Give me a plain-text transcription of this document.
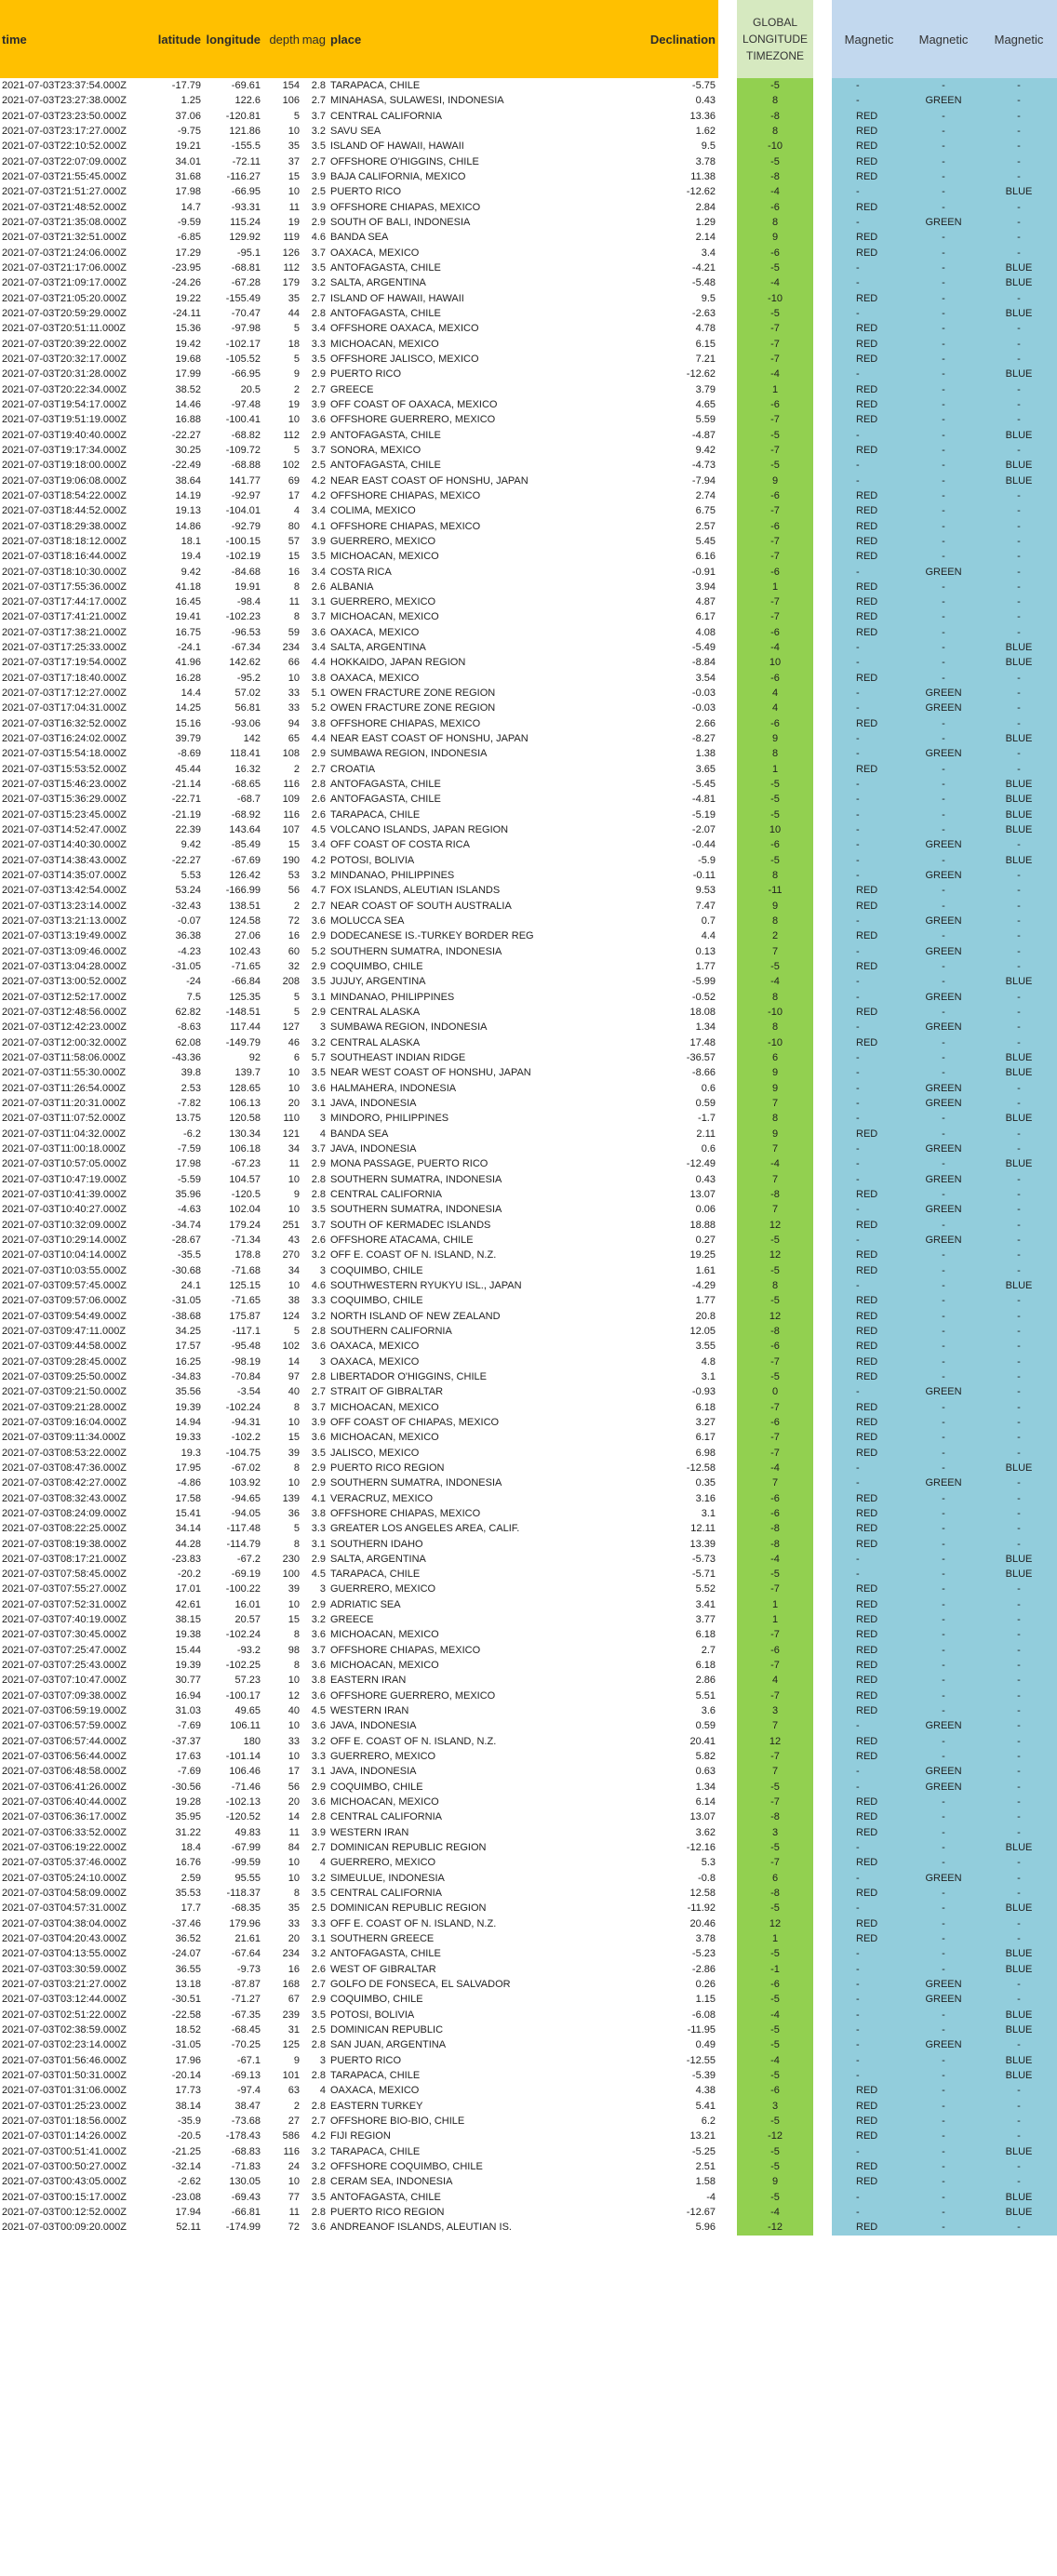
time	latitude longitude depth mag place	Declination
GLOBAL LONGITUDE TIMEZONE
Magnetic	Magnetic	Magnetic
2021-07-03T23:37:54.000Z	-17.79	-69.61	154	2.8 TARAPACA, CHILE	-5.75	-5	-	-	-
2021-07-03T23:27:38.000Z	1.25	122.6	106	2.7 MINAHASA, SULAWESI, INDONESIA	0.43	8	-	GREEN	-
2021-07-03T23:23:50.000Z	37.06	-120.81	5	3.7 CENTRAL CALIFORNIA	13.36	-8	RED	-	-
2021-07-03T23:17:27.000Z	-9.75	121.86	10	3.2 SAVU SEA	1.62	8	RED	-	-
2021-07-03T22:10:52.000Z	19.21	-155.5	35	3.5 ISLAND OF HAWAII, HAWAII	9.5	-10	RED	-	-
2021-07-03T22:07:09.000Z	34.01	-72.11	37	2.7 OFFSHORE O'HIGGINS, CHILE	3.78	-5	RED	-	-
2021-07-03T21:55:45.000Z	31.68	-116.27	15	3.9 BAJA CALIFORNIA, MEXICO	11.38	-8	RED	-	-
2021-07-03T21:51:27.000Z	17.98	-66.95	10	2.5 PUERTO RICO	-12.62	-4	-	-	BLUE
2021-07-03T21:48:52.000Z	14.7	-93.31	11	3.9 OFFSHORE CHIAPAS, MEXICO	2.84	-6	RED	-	-
2021-07-03T21:35:08.000Z	-9.59	115.24	19	2.9 SOUTH OF BALI, INDONESIA	1.29	8	-	GREEN	-
2021-07-03T21:32:51.000Z	-6.85	129.92	119	4.6 BANDA SEA	2.14	9	RED	-	-
2021-07-03T21:24:06.000Z	17.29	-95.1	126	3.7 OAXACA, MEXICO	3.4	-6	RED	-	-
2021-07-03T21:17:06.000Z	-23.95	-68.81	112	3.5 ANTOFAGASTA, CHILE	-4.21	-5	-	-	BLUE
2021-07-03T21:09:17.000Z	-24.26	-67.28	179	3.2 SALTA, ARGENTINA	-5.48	-4	-	-	BLUE
2021-07-03T21:05:20.000Z	19.22	-155.49	35	2.7 ISLAND OF HAWAII, HAWAII	9.5	-10	RED	-	-
2021-07-03T20:59:29.000Z	-24.11	-70.47	44	2.8 ANTOFAGASTA, CHILE	-2.63	-5	-	-	BLUE
2021-07-03T20:51:11.000Z	15.36	-97.98	5	3.4 OFFSHORE OAXACA, MEXICO	4.78	-7	RED	-	-
2021-07-03T20:39:22.000Z	19.42	-102.17	18	3.3 MICHOACAN, MEXICO	6.15	-7	RED	-	-
2021-07-03T20:32:17.000Z	19.68	-105.52	5	3.5 OFFSHORE JALISCO, MEXICO	7.21	-7	RED	-	-
2021-07-03T20:31:28.000Z	17.99	-66.95	9	2.9 PUERTO RICO	-12.62	-4	-	-	BLUE
2021-07-03T20:22:34.000Z	38.52	20.5	2	2.7 GREECE	3.79	1	RED	-	-
2021-07-03T19:54:17.000Z	14.46	-97.48	19	3.9 OFF COAST OF OAXACA, MEXICO	4.65	-6	RED	-	-
2021-07-03T19:51:19.000Z	16.88	-100.41	10	3.6 OFFSHORE GUERRERO, MEXICO	5.59	-7	RED	-	-
2021-07-03T19:40:40.000Z	-22.27	-68.82	112	2.9 ANTOFAGASTA, CHILE	-4.87	-5	-	-	BLUE
2021-07-03T19:17:34.000Z	30.25	-109.72	5	3.7 SONORA, MEXICO	9.42	-7	RED	-	-
2021-07-03T19:18:00.000Z	-22.49	-68.88	102	2.5 ANTOFAGASTA, CHILE	-4.73	-5	-	-	BLUE
2021-07-03T19:06:08.000Z	38.64	141.77	69	4.2 NEAR EAST COAST OF HONSHU, JAPAN	-7.94	9	-	-	BLUE
2021-07-03T18:54:22.000Z	14.19	-92.97	17	4.2 OFFSHORE CHIAPAS, MEXICO	2.74	-6	RED	-	-
2021-07-03T18:44:52.000Z	19.13	-104.01	4	3.4 COLIMA, MEXICO	6.75	-7	RED	-	-
2021-07-03T18:29:38.000Z	14.86	-92.79	80	4.1 OFFSHORE CHIAPAS, MEXICO	2.57	-6	RED	-	-
2021-07-03T18:18:12.000Z	18.1	-100.15	57	3.9 GUERRERO, MEXICO	5.45	-7	RED	-	-
2021-07-03T18:16:44.000Z	19.4	-102.19	15	3.5 MICHOACAN, MEXICO	6.16	-7	RED	-	-
2021-07-03T18:10:30.000Z	9.42	-84.68	16	3.4 COSTA RICA	-0.91	-6	-	GREEN	-
2021-07-03T17:55:36.000Z	41.18	19.91	8	2.6 ALBANIA	3.94	1	RED	-	-
2021-07-03T17:44:17.000Z	16.45	-98.4	11	3.1 GUERRERO, MEXICO	4.87	-7	RED	-	-
2021-07-03T17:41:21.000Z	19.41	-102.23	8	3.7 MICHOACAN, MEXICO	6.17	-7	RED	-	-
2021-07-03T17:38:21.000Z	16.75	-96.53	59	3.6 OAXACA, MEXICO	4.08	-6	RED	-	-
2021-07-03T17:25:33.000Z	-24.1	-67.34	234	3.4 SALTA, ARGENTINA	-5.49	-4	-	-	BLUE
2021-07-03T17:19:54.000Z	41.96	142.62	66	4.4 HOKKAIDO, JAPAN REGION	-8.84	10	-	-	BLUE
2021-07-03T17:18:40.000Z	16.28	-95.2	10	3.8 OAXACA, MEXICO	3.54	-6	RED	-	-
2021-07-03T17:12:27.000Z	14.4	57.02	33	5.1 OWEN FRACTURE ZONE REGION	-0.03	4	-	GREEN	-
2021-07-03T17:04:31.000Z	14.25	56.81	33	5.2 OWEN FRACTURE ZONE REGION	-0.03	4	-	GREEN	-
2021-07-03T16:32:52.000Z	15.16	-93.06	94	3.8 OFFSHORE CHIAPAS, MEXICO	2.66	-6	RED	-	-
2021-07-03T16:24:02.000Z	39.79	142	65	4.4 NEAR EAST COAST OF HONSHU, JAPAN	-8.27	9	-	-	BLUE
2021-07-03T15:54:18.000Z	-8.69	118.41	108	2.9 SUMBAWA REGION, INDONESIA	1.38	8	-	GREEN	-
2021-07-03T15:53:52.000Z	45.44	16.32	2	2.7 CROATIA	3.65	1	RED	-	-
2021-07-03T15:46:23.000Z	-21.14	-68.65	116	2.8 ANTOFAGASTA, CHILE	-5.45	-5	-	-	BLUE
2021-07-03T15:36:29.000Z	-22.71	-68.7	109	2.6 ANTOFAGASTA, CHILE	-4.81	-5	-	-	BLUE
2021-07-03T15:23:45.000Z	-21.19	-68.92	116	2.6 TARAPACA, CHILE	-5.19	-5	-	-	BLUE
2021-07-03T14:52:47.000Z	22.39	143.64	107	4.5 VOLCANO ISLANDS, JAPAN REGION	-2.07	10	-	-	BLUE
2021-07-03T14:40:30.000Z	9.42	-85.49	15	3.4 OFF COAST OF COSTA RICA	-0.44	-6	-	GREEN	-
2021-07-03T14:38:43.000Z	-22.27	-67.69	190	4.2 POTOSI, BOLIVIA	-5.9	-5	-	-	BLUE
2021-07-03T14:35:07.000Z	5.53	126.42	53	3.2 MINDANAO, PHILIPPINES	-0.11	8	-	GREEN	-
2021-07-03T13:42:54.000Z	53.24	-166.99	56	4.7 FOX ISLANDS, ALEUTIAN ISLANDS	9.53	-11	RED	-	-
2021-07-03T13:23:14.000Z	-32.43	138.51	2	2.7 NEAR COAST OF SOUTH AUSTRALIA	7.47	9	RED	-	-
2021-07-03T13:21:13.000Z	-0.07	124.58	72	3.6 MOLUCCA SEA	0.7	8	-	GREEN	-
2021-07-03T13:19:49.000Z	36.38	27.06	16	2.9 DODECANESE IS.-TURKEY BORDER REG	4.4	2	RED	-	-
2021-07-03T13:09:46.000Z	-4.23	102.43	60	5.2 SOUTHERN SUMATRA, INDONESIA	0.13	7	-	GREEN	-
2021-07-03T13:04:28.000Z	-31.05	-71.65	32	2.9 COQUIMBO, CHILE	1.77	-5	RED	-	-
2021-07-03T13:00:52.000Z	-24	-66.84	208	3.5 JUJUY, ARGENTINA	-5.99	-4	-	-	BLUE
2021-07-03T12:52:17.000Z	7.5	125.35	5	3.1 MINDANAO, PHILIPPINES	-0.52	8	-	GREEN	-
2021-07-03T12:48:56.000Z	62.82	-148.51	5	2.9 CENTRAL ALASKA	18.08	-10	RED	-	-
2021-07-03T12:42:23.000Z	-8.63	117.44	127	3 SUMBAWA REGION, INDONESIA	1.34	8	-	GREEN	-
2021-07-03T12:00:32.000Z	62.08	-149.79	46	3.2 CENTRAL ALASKA	17.48	-10	RED	-	-
2021-07-03T11:58:06.000Z	-43.36	92	6	5.7 SOUTHEAST INDIAN RIDGE	-36.57	6	-	-	BLUE
2021-07-03T11:55:30.000Z	39.8	139.7	10	3.5 NEAR WEST COAST OF HONSHU, JAPAN	-8.66	9	-	-	BLUE
2021-07-03T11:26:54.000Z	2.53	128.65	10	3.6 HALMAHERA, INDONESIA	0.6	9	-	GREEN	-
2021-07-03T11:20:31.000Z	-7.82	106.13	20	3.1 JAVA, INDONESIA	0.59	7	-	GREEN	-
2021-07-03T11:07:52.000Z	13.75	120.58	110	3 MINDORO, PHILIPPINES	-1.7	8	-	-	BLUE
2021-07-03T11:04:32.000Z	-6.2	130.34	121	4 BANDA SEA	2.11	9	RED	-	-
2021-07-03T11:00:18.000Z	-7.59	106.18	34	3.7 JAVA, INDONESIA	0.6	7	-	GREEN	-
2021-07-03T10:57:05.000Z	17.98	-67.23	11	2.9 MONA PASSAGE, PUERTO RICO	-12.49	-4	-	-	BLUE
2021-07-03T10:47:19.000Z	-5.59	104.57	10	2.8 SOUTHERN SUMATRA, INDONESIA	0.43	7	-	GREEN	-
2021-07-03T10:41:39.000Z	35.96	-120.5	9	2.8 CENTRAL CALIFORNIA	13.07	-8	RED	-	-
2021-07-03T10:40:27.000Z	-4.63	102.04	10	3.5 SOUTHERN SUMATRA, INDONESIA	0.06	7	-	GREEN	-
2021-07-03T10:32:09.000Z	-34.74	179.24	251	3.7 SOUTH OF KERMADEC ISLANDS	18.88	12	RED	-	-
2021-07-03T10:29:14.000Z	-28.67	-71.34	43	2.6 OFFSHORE ATACAMA, CHILE	0.27	-5	-	GREEN	-
2021-07-03T10:04:14.000Z	-35.5	178.8	270	3.2 OFF E. COAST OF N. ISLAND, N.Z.	19.25	12	RED	-	-
2021-07-03T10:03:55.000Z	-30.68	-71.68	34	3 COQUIMBO, CHILE	1.61	-5	RED	-	-
2021-07-03T09:57:45.000Z	24.1	125.15	10	4.6 SOUTHWESTERN RYUKYU ISL., JAPAN	-4.29	8	-	-	BLUE
2021-07-03T09:57:06.000Z	-31.05	-71.65	38	3.3 COQUIMBO, CHILE	1.77	-5	RED	-	-
2021-07-03T09:54:49.000Z	-38.68	175.87	124	3.2 NORTH ISLAND OF NEW ZEALAND	20.8	12	RED	-	-
2021-07-03T09:47:11.000Z	34.25	-117.1	5	2.8 SOUTHERN CALIFORNIA	12.05	-8	RED	-	-
2021-07-03T09:44:58.000Z	17.57	-95.48	102	3.6 OAXACA, MEXICO	3.55	-6	RED	-	-
2021-07-03T09:28:45.000Z	16.25	-98.19	14	3 OAXACA, MEXICO	4.8	-7	RED	-	-
2021-07-03T09:25:50.000Z	-34.83	-70.84	97	2.8 LIBERTADOR O'HIGGINS, CHILE	3.1	-5	RED	-	-
2021-07-03T09:21:50.000Z	35.56	-3.54	40	2.7 STRAIT OF GIBRALTAR	-0.93	0	-	GREEN	-
2021-07-03T09:21:28.000Z	19.39	-102.24	8	3.7 MICHOACAN, MEXICO	6.18	-7	RED	-	-
2021-07-03T09:16:04.000Z	14.94	-94.31	10	3.9 OFF COAST OF CHIAPAS, MEXICO	3.27	-6	RED	-	-
2021-07-03T09:11:34.000Z	19.33	-102.2	15	3.6 MICHOACAN, MEXICO	6.17	-7	RED	-	-
2021-07-03T08:53:22.000Z	19.3	-104.75	39	3.5 JALISCO, MEXICO	6.98	-7	RED	-	-
2021-07-03T08:47:36.000Z	17.95	-67.02	8	2.9 PUERTO RICO REGION	-12.58	-4	-	-	BLUE
2021-07-03T08:42:27.000Z	-4.86	103.92	10	2.9 SOUTHERN SUMATRA, INDONESIA	0.35	7	-	GREEN	-
2021-07-03T08:32:43.000Z	17.58	-94.65	139	4.1 VERACRUZ, MEXICO	3.16	-6	RED	-	-
2021-07-03T08:24:09.000Z	15.41	-94.05	36	3.8 OFFSHORE CHIAPAS, MEXICO	3.1	-6	RED	-	-
2021-07-03T08:22:25.000Z	34.14	-117.48	5	3.3 GREATER LOS ANGELES AREA, CALIF.	12.11	-8	RED	-	-
2021-07-03T08:19:38.000Z	44.28	-114.79	8	3.1 SOUTHERN IDAHO	13.39	-8	RED	-	-
2021-07-03T08:17:21.000Z	-23.83	-67.2	230	2.9 SALTA, ARGENTINA	-5.73	-4	-	-	BLUE
2021-07-03T07:58:45.000Z	-20.2	-69.19	100	4.5 TARAPACA, CHILE	-5.71	-5	-	-	BLUE
2021-07-03T07:55:27.000Z	17.01	-100.22	39	3 GUERRERO, MEXICO	5.52	-7	RED	-	-
2021-07-03T07:52:31.000Z	42.61	16.01	10	2.9 ADRIATIC SEA	3.41	1	RED	-	-
2021-07-03T07:40:19.000Z	38.15	20.57	15	3.2 GREECE	3.77	1	RED	-	-
2021-07-03T07:30:45.000Z	19.38	-102.24	8	3.6 MICHOACAN, MEXICO	6.18	-7	RED	-	-
2021-07-03T07:25:47.000Z	15.44	-93.2	98	3.7 OFFSHORE CHIAPAS, MEXICO	2.7	-6	RED	-	-
2021-07-03T07:25:43.000Z	19.39	-102.25	8	3.6 MICHOACAN, MEXICO	6.18	-7	RED	-	-
2021-07-03T07:10:47.000Z	30.77	57.23	10	3.8 EASTERN IRAN	2.86	4	RED	-	-
2021-07-03T07:09:38.000Z	16.94	-100.17	12	3.6 OFFSHORE GUERRERO, MEXICO	5.51	-7	RED	-	-
2021-07-03T06:59:19.000Z	31.03	49.65	40	4.5 WESTERN IRAN	3.6	3	RED	-	-
2021-07-03T06:57:59.000Z	-7.69	106.11	10	3.6 JAVA, INDONESIA	0.59	7	-	GREEN	-
2021-07-03T06:57:44.000Z	-37.37	180	33	3.2 OFF E. COAST OF N. ISLAND, N.Z.	20.41	12	RED	-	-
2021-07-03T06:56:44.000Z	17.63	-101.14	10	3.3 GUERRERO, MEXICO	5.82	-7	RED	-	-
2021-07-03T06:48:58.000Z	-7.69	106.46	17	3.1 JAVA, INDONESIA	0.63	7	-	GREEN	-
2021-07-03T06:41:26.000Z	-30.56	-71.46	56	2.9 COQUIMBO, CHILE	1.34	-5	-	GREEN	-
2021-07-03T06:40:44.000Z	19.28	-102.13	20	3.6 MICHOACAN, MEXICO	6.14	-7	RED	-	-
2021-07-03T06:36:17.000Z	35.95	-120.52	14	2.8 CENTRAL CALIFORNIA	13.07	-8	RED	-	-
2021-07-03T06:33:52.000Z	31.22	49.83	11	3.9 WESTERN IRAN	3.62	3	RED	-	-
2021-07-03T06:19:22.000Z	18.4	-67.99	84	2.7 DOMINICAN REPUBLIC REGION	-12.16	-5	-	-	BLUE
2021-07-03T05:37:46.000Z	16.76	-99.59	10	4 GUERRERO, MEXICO	5.3	-7	RED	-	-
2021-07-03T05:24:10.000Z	2.59	95.55	10	3.2 SIMEULUE, INDONESIA	-0.8	6	-	GREEN	-
2021-07-03T04:58:09.000Z	35.53	-118.37	8	3.5 CENTRAL CALIFORNIA	12.58	-8	RED	-	-
2021-07-03T04:57:31.000Z	17.7	-68.35	35	2.5 DOMINICAN REPUBLIC REGION	-11.92	-5	-	-	BLUE
2021-07-03T04:38:04.000Z	-37.46	179.96	33	3.3 OFF E. COAST OF N. ISLAND, N.Z.	20.46	12	RED	-	-
2021-07-03T04:20:43.000Z	36.52	21.61	20	3.1 SOUTHERN GREECE	3.78	1	RED	-	-
2021-07-03T04:13:55.000Z	-24.07	-67.64	234	3.2 ANTOFAGASTA, CHILE	-5.23	-5	-	-	BLUE
2021-07-03T03:30:59.000Z	36.55	-9.73	16	2.6 WEST OF GIBRALTAR	-2.86	-1	-	-	BLUE
2021-07-03T03:21:27.000Z	13.18	-87.87	168	2.7 GOLFO DE FONSECA, EL SALVADOR	0.26	-6	-	GREEN	-
2021-07-03T03:12:44.000Z	-30.51	-71.27	67	2.9 COQUIMBO, CHILE	1.15	-5	-	GREEN	-
2021-07-03T02:51:22.000Z	-22.58	-67.35	239	3.5 POTOSI, BOLIVIA	-6.08	-4	-	-	BLUE
2021-07-03T02:38:59.000Z	18.52	-68.45	31	2.5 DOMINICAN REPUBLIC	-11.95	-5	-	-	BLUE
2021-07-03T02:23:14.000Z	-31.05	-70.25	125	2.8 SAN JUAN, ARGENTINA	0.49	-5	-	GREEN	-
2021-07-03T01:56:46.000Z	17.96	-67.1	9	3 PUERTO RICO	-12.55	-4	-	-	BLUE
2021-07-03T01:50:31.000Z	-20.14	-69.13	101	2.8 TARAPACA, CHILE	-5.39	-5	-	-	BLUE
2021-07-03T01:31:06.000Z	17.73	-97.4	63	4 OAXACA, MEXICO	4.38	-6	RED	-	-
2021-07-03T01:25:23.000Z	38.14	38.47	2	2.8 EASTERN TURKEY	5.41	3	RED	-	-
2021-07-03T01:18:56.000Z	-35.9	-73.68	27	2.7 OFFSHORE BIO-BIO, CHILE	6.2	-5	RED	-	-
2021-07-03T01:14:26.000Z	-20.5	-178.43	586	4.2 FIJI REGION	13.21	-12	RED	-	-
2021-07-03T00:51:41.000Z	-21.25	-68.83	116	3.2 TARAPACA, CHILE	-5.25	-5	-	-	BLUE
2021-07-03T00:50:27.000Z	-32.14	-71.83	24	3.2 OFFSHORE COQUIMBO, CHILE	2.51	-5	RED	-	-
2021-07-03T00:43:05.000Z	-2.62	130.05	10	2.8 CERAM SEA, INDONESIA	1.58	9	RED	-	-
2021-07-03T00:15:17.000Z	-23.08	-69.43	77	3.5 ANTOFAGASTA, CHILE	-4	-5	-	-	BLUE
2021-07-03T00:12:52.000Z	17.94	-66.81	11	2.8 PUERTO RICO REGION	-12.67	-4	-	-	BLUE
2021-07-03T00:09:20.000Z	52.11	-174.99	72	3.6 ANDREANOF ISLANDS, ALEUTIAN IS.	5.96	-12	RED	-	-
